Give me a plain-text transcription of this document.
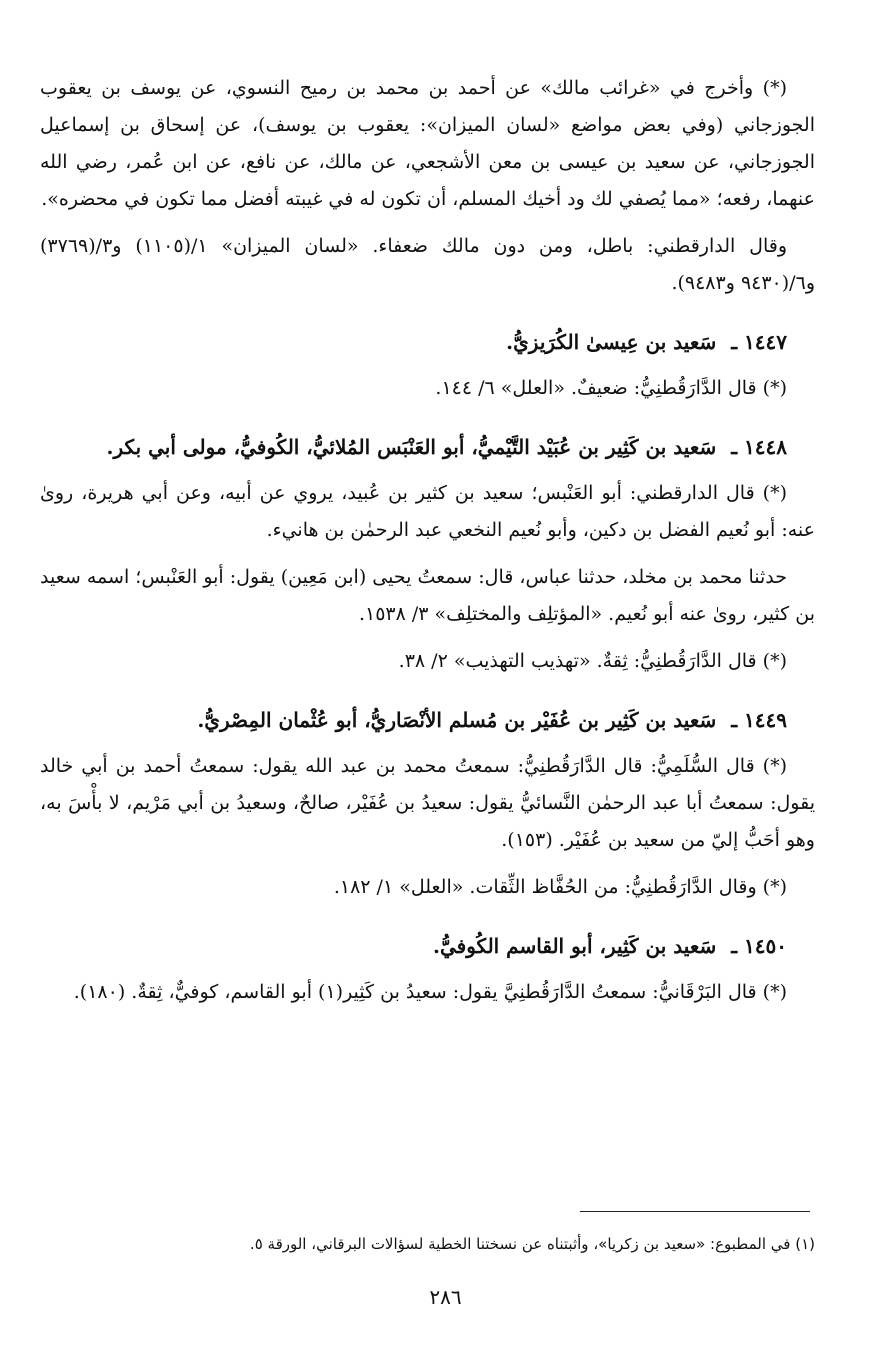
(*) وأخرج في «غرائب مالك» عن أحمد بن محمد بن رميح النسوي، عن يوسف بن يعقوب الجوزجاني (وفي بعض مواضع «لسان الميزان»: يعقوب بن يوسف)، عن إسحاق بن إسماعيل الجوزجاني، عن سعيد بن عيسى بن معن الأشجعي، عن مالك، عن نافع، عن ابن عُمر، رضي الله عنهما، رفعه؛ «مما يُصفي لك ود أخيك المسلم، أن تكون له في غيبته أفضل مما تكون في محضره».

وقال الدارقطني: باطل، ومن دون مالك ضعفاء. «لسان الميزان» ١/(١١٠٥) و٣/(٣٧٦٩) و٦/(٩٤٣٠ و٩٤٨٣).

١٤٤٧ ـ سَعيد بن عِيسىٰ الكُرَيزيُّ.

(*) قال الدَّارَقُطنِيُّ: ضعيفٌ. «العلل» ٦/ ١٤٤.

١٤٤٨ ـ سَعيد بن كَثِير بن عُبَيْد التَّيْميُّ، أبو العَنْبَس المُلائيُّ، الكُوفيُّ، مولى أبي بكر.

(*) قال الدارقطني: أبو العَنْبس؛ سعيد بن كثير بن عُبيد، يروي عن أبيه، وعن أبي هريرة، روىٰ عنه: أبو نُعيم الفضل بن دكين، وأبو نُعيم النخعي عبد الرحمٰن بن هانيء.

حدثنا محمد بن مخلد، حدثنا عباس، قال: سمعتُ يحيى (ابن مَعِين) يقول: أبو العَنْبس؛ اسمه سعيد بن كثير، روىٰ عنه أبو نُعيم. «المؤتلِف والمختلِف» ٣/ ١٥٣٨.

(*) قال الدَّارَقُطنِيُّ: ثِقةٌ. «تهذيب التهذيب» ٢/ ٣٨.

١٤٤٩ ـ سَعيد بن كَثِير بن عُفَيْر بن مُسلم الأنْصَاريُّ، أبو عُثْمان المِصْريُّ.

(*) قال السُّلَمِيُّ: قال الدَّارَقُطنِيُّ: سمعتُ محمد بن عبد الله يقول: سمعتُ أحمد بن أبي خالد يقول: سمعتُ أبا عبد الرحمٰن النَّسائيُّ يقول: سعيدُ بن عُفَيْر، صالحٌ، وسعيدُ بن أبي مَرْيم، لا بأْسَ به، وهو أحَبُّ إليّ من سعيد بن عُفَيْر. (١٥٣).

(*) وقال الدَّارَقُطنِيُّ: من الحُفَّاظ الثِّقات. «العلل» ١/ ١٨٢.

١٤٥٠ ـ سَعيد بن كَثِير، أبو القاسم الكُوفيُّ.

(*) قال البَرْقَانيُّ: سمعتُ الدَّارَقُطنِيَّ يقول: سعيدُ بن كَثِير(١) أبو القاسم، كوفيٌّ، ثِقةٌ. (١٨٠).

(١) في المطبوع: «سعيد بن زكريا»، وأثبتناه عن نسختنا الخطية لسؤالات البرقاني، الورقة ٥.
٢٨٦
